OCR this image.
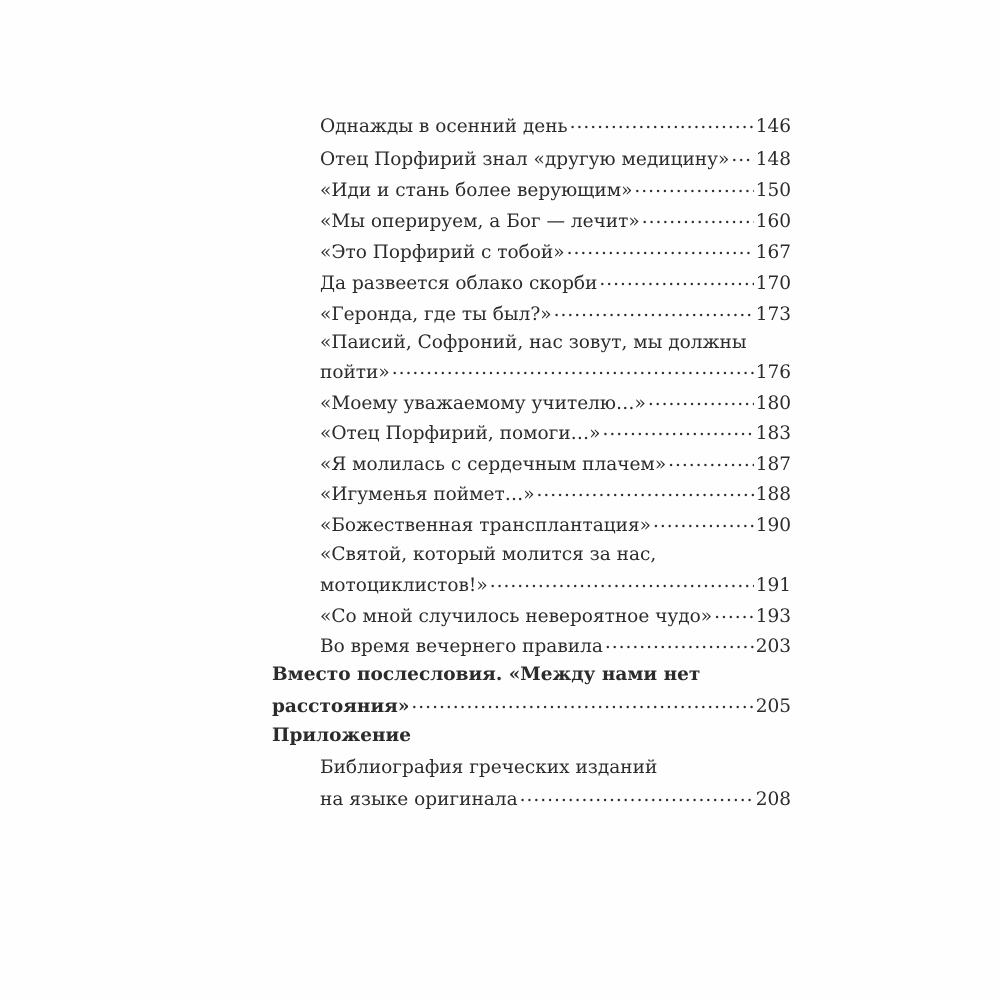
Однажды в осенний день .....	146
Отец Порфирий знал «другую медицину» ..... 148
«Иди и стань более верующим» .....	150
«Мы оперируем, а Бог — лечит» .....	160
«Это Порфирий с тобой» .....	167
Да развеется облако скорби .....	170
«Геронда, где ты был?» .....	173
«Паисий, Софроний, нас зовут, мы должны
пойти» .....	176
«Моему уважаемому учителю…» .....	180
«Отец Порфирий, помоги…» .....	183
«Я молилась с сердечным плачем» .....	187
«Игуменья поймет…» .....	188
«Божественная трансплантация» .....	190
«Святой, который молится за нас,
мотоциклистов!» .....	191
«Со мной случилось невероятное чудо» ..... 193
Во время вечернего правила .....	203
Вместо послесловия. «Между нами нет
расстояния» .....	205
Приложение
Библиография греческих изданий
на языке оригинала .....	208
